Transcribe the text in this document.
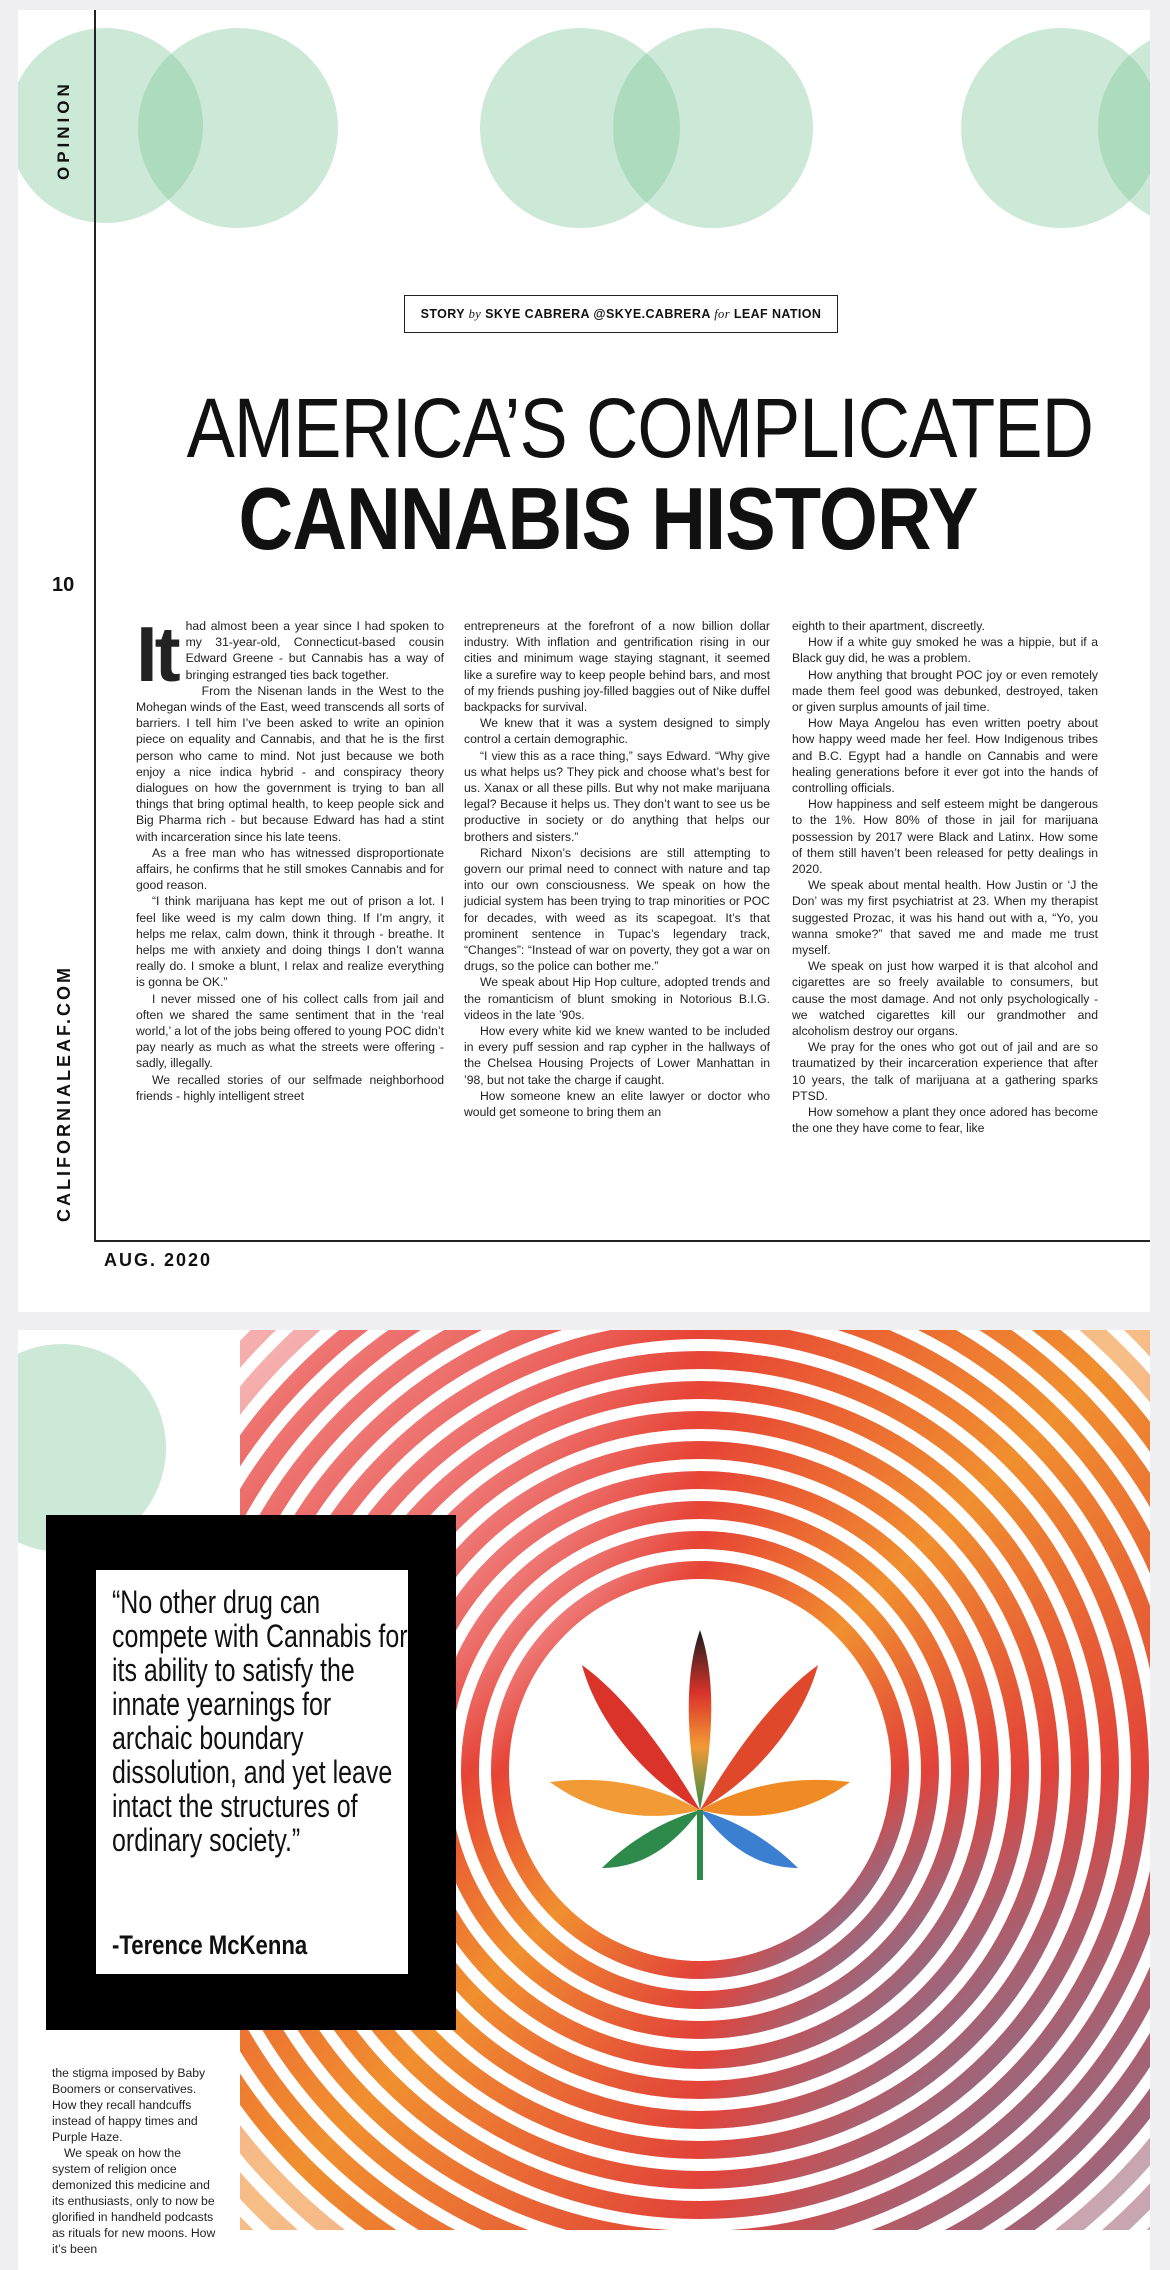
OPINION
10
CALIFORNIALEAF.COM
AUG. 2020
STORY by SKYE CABRERA @SKYE.CABRERA for LEAF NATION
AMERICA’S COMPLICATED
CANNABIS HISTORY
It had almost been a year since I had spoken to my 31-year-old, Connecticut-based cousin Edward Greene - but Cannabis has a way of bringing estranged ties back together.

From the Nisenan lands in the West to the Mohegan winds of the East, weed transcends all sorts of barriers. I tell him I’ve been asked to write an opinion piece on equality and Cannabis, and that he is the first person who came to mind. Not just because we both enjoy a nice indica hybrid - and conspiracy theory dialogues on how the government is trying to ban all things that bring optimal health, to keep people sick and Big Pharma rich - but because Edward has had a stint with incarceration since his late teens.

As a free man who has witnessed disproportionate affairs, he confirms that he still smokes Cannabis and for good reason.

“I think marijuana has kept me out of prison a lot. I feel like weed is my calm down thing. If I’m angry, it helps me relax, calm down, think it through - breathe. It helps me with anxiety and doing things I don’t wanna really do. I smoke a blunt, I relax and realize everything is gonna be OK.”

I never missed one of his collect calls from jail and often we shared the same sentiment that in the ‘real world,’ a lot of the jobs being offered to young POC didn’t pay nearly as much as what the streets were offering - sadly, illegally.

We recalled stories of our selfmade neighborhood friends - highly intelligent street

entrepreneurs at the forefront of a now billion dollar industry. With inflation and gentrification rising in our cities and minimum wage staying stagnant, it seemed like a surefire way to keep people behind bars, and most of my friends pushing joy-filled baggies out of Nike duffel backpacks for survival.

We knew that it was a system designed to simply control a certain demographic.

“I view this as a race thing,” says Edward. “Why give us what helps us? They pick and choose what’s best for us. Xanax or all these pills. But why not make marijuana legal? Because it helps us. They don’t want to see us be productive in society or do anything that helps our brothers and sisters.”

Richard Nixon’s decisions are still attempting to govern our primal need to connect with nature and tap into our own consciousness. We speak on how the judicial system has been trying to trap minorities or POC for decades, with weed as its scapegoat. It’s that prominent sentence in Tupac’s legendary track, “Changes”: “Instead of war on poverty, they got a war on drugs, so the police can bother me.”

We speak about Hip Hop culture, adopted trends and the romanticism of blunt smoking in Notorious B.I.G. videos in the late ’90s.

How every white kid we knew wanted to be included in every puff session and rap cypher in the hallways of the Chelsea Housing Projects of Lower Manhattan in ’98, but not take the charge if caught.

How someone knew an elite lawyer or doctor who would get someone to bring them an

eighth to their apartment, discreetly.

How if a white guy smoked he was a hippie, but if a Black guy did, he was a problem.

How anything that brought POC joy or even remotely made them feel good was debunked, destroyed, taken or given surplus amounts of jail time.

How Maya Angelou has even written poetry about how happy weed made her feel. How Indigenous tribes and B.C. Egypt had a handle on Cannabis and were healing generations before it ever got into the hands of controlling officials.

How happiness and self esteem might be dangerous to the 1%. How 80% of those in jail for marijuana possession by 2017 were Black and Latinx. How some of them still haven’t been released for petty dealings in 2020.

We speak about mental health. How Justin or ‘J the Don’ was my first psychiatrist at 23. When my therapist suggested Prozac, it was his hand out with a, “Yo, you wanna smoke?” that saved me and made me trust myself.

We speak on just how warped it is that alcohol and cigarettes are so freely available to consumers, but cause the most damage. And not only psychologically - we watched cigarettes kill our grandmother and alcoholism destroy our organs.

We pray for the ones who got out of jail and are so traumatized by their incarceration experience that after 10 years, the talk of marijuana at a gathering sparks PTSD.

How somehow a plant they once adored has become the one they have come to fear, like

“No other drug can compete with Cannabis for its ability to satisfy the innate yearnings for archaic boundary dissolution, and yet leave intact the structures of ordinary society.”
-Terence McKenna

the stigma imposed by Baby Boomers or conservatives. How they recall handcuffs instead of happy times and Purple Haze.

We speak on how the system of religion once demonized this medicine and its enthusiasts, only to now be glorified in handheld podcasts as rituals for new moons. How it’s been
